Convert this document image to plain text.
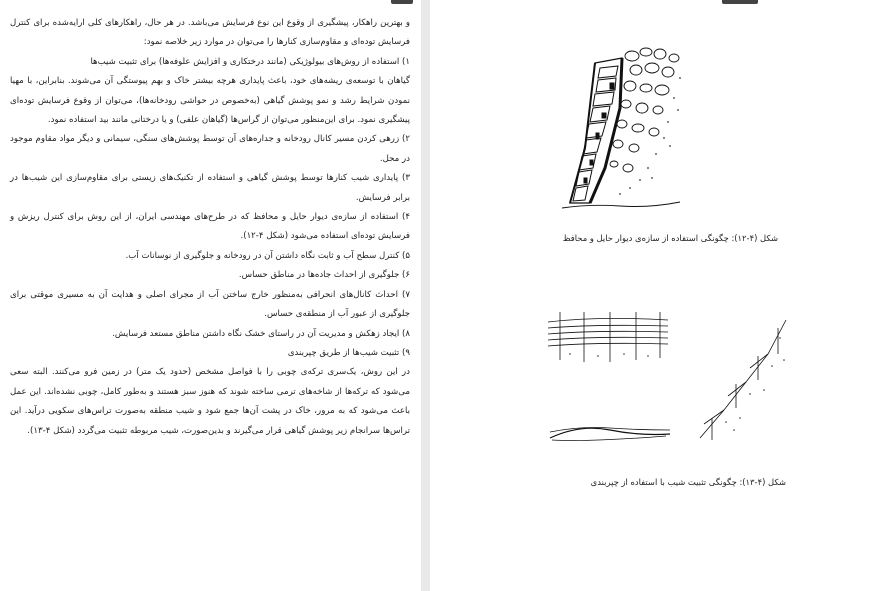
و بهترین راهکار، پیشگیری از وقوع این نوع فرسایش می‌باشد. در هر حال، راهکارهای کلی ارایه‌شده برای کنترل فرسایش توده‌ای و مقاوم‌سازی کنارها را می‌توان در موارد زیر خلاصه نمود:

۱) استفاده از روش‌های بیولوژیکی (مانند درختکاری و افزایش علوفه‌ها) برای تثبیت شیب‌ها

گیاهان با توسعه‌ی ریشه‌های خود، باعث پایداری هرچه بیشتر خاک و بهم پیوستگی آن می‌شوند. بنابراین، با مهیا نمودن شرایط رشد و نمو پوشش گیاهی (به‌خصوص در حواشی رودخانه‌ها)، می‌توان از وقوع فرسایش توده‌ای پیشگیری نمود. برای این‌منظور می‌توان از گراس‌ها (گیاهان علفی) و یا درختانی مانند بید استفاده نمود.

۲) زرهی کردن مسیر کانال رودخانه و جداره‌های آن توسط پوشش‌های سنگی، سیمانی و دیگر مواد مقاوم موجود در محل.

۳) پایداری شیب کنارها توسط پوشش گیاهی و استفاده از تکنیک‌های زیستی برای مقاوم‌سازی این شیب‌ها در برابر فرسایش.

۴) استفاده از سازه‌ی دیوار حایل و محافظ که در طرح‌های مهندسی ایران، از این روش برای کنترل ریزش و فرسایش توده‌ای استفاده می‌شود (شکل ۴-۱۲).

۵) کنترل سطح آب و ثابت نگاه داشتن آن در رودخانه و جلوگیری از نوسانات آب.

۶) جلوگیری از احداث جاده‌ها در مناطق حساس.

۷) احداث کانال‌های انحرافی به‌منظور خارج ساختن آب از مجرای اصلی و هدایت آن به مسیری موقتی برای جلوگیری از عبور آب از منطقه‌ی حساس.

۸) ایجاد زهکش و مدیریت آن در راستای خشک نگاه داشتن مناطق مستعد فرسایش.

۹) تثبیت شیب‌ها از طریق چپربندی

در این روش، یک‌سری ترکه‌ی چوبی را با فواصل مشخص (حدود یک متر) در زمین فرو می‌کنند. البته سعی می‌شود که ترکه‌ها از شاخه‌های ترمی ساخته شوند که هنوز سبز هستند و به‌طور کامل، چوبی نشده‌اند. این عمل باعث می‌شود که به مرور، خاک در پشت آن‌ها جمع شود و شیب منطقه به‌صورت تراس‌های سکویی درآید. این تراس‌ها سرانجام زیر پوشش گیاهی قرار می‌گیرند و بدین‌صورت، شیب مربوطه تثبیت می‌گردد (شکل ۴-۱۳).

شکل (۴-۱۲): چگونگی استفاده از سازه‌ی دیوار حایل و محافظ
شکل (۴-۱۳): چگونگی تثبیت شیب با استفاده از چپربندی
